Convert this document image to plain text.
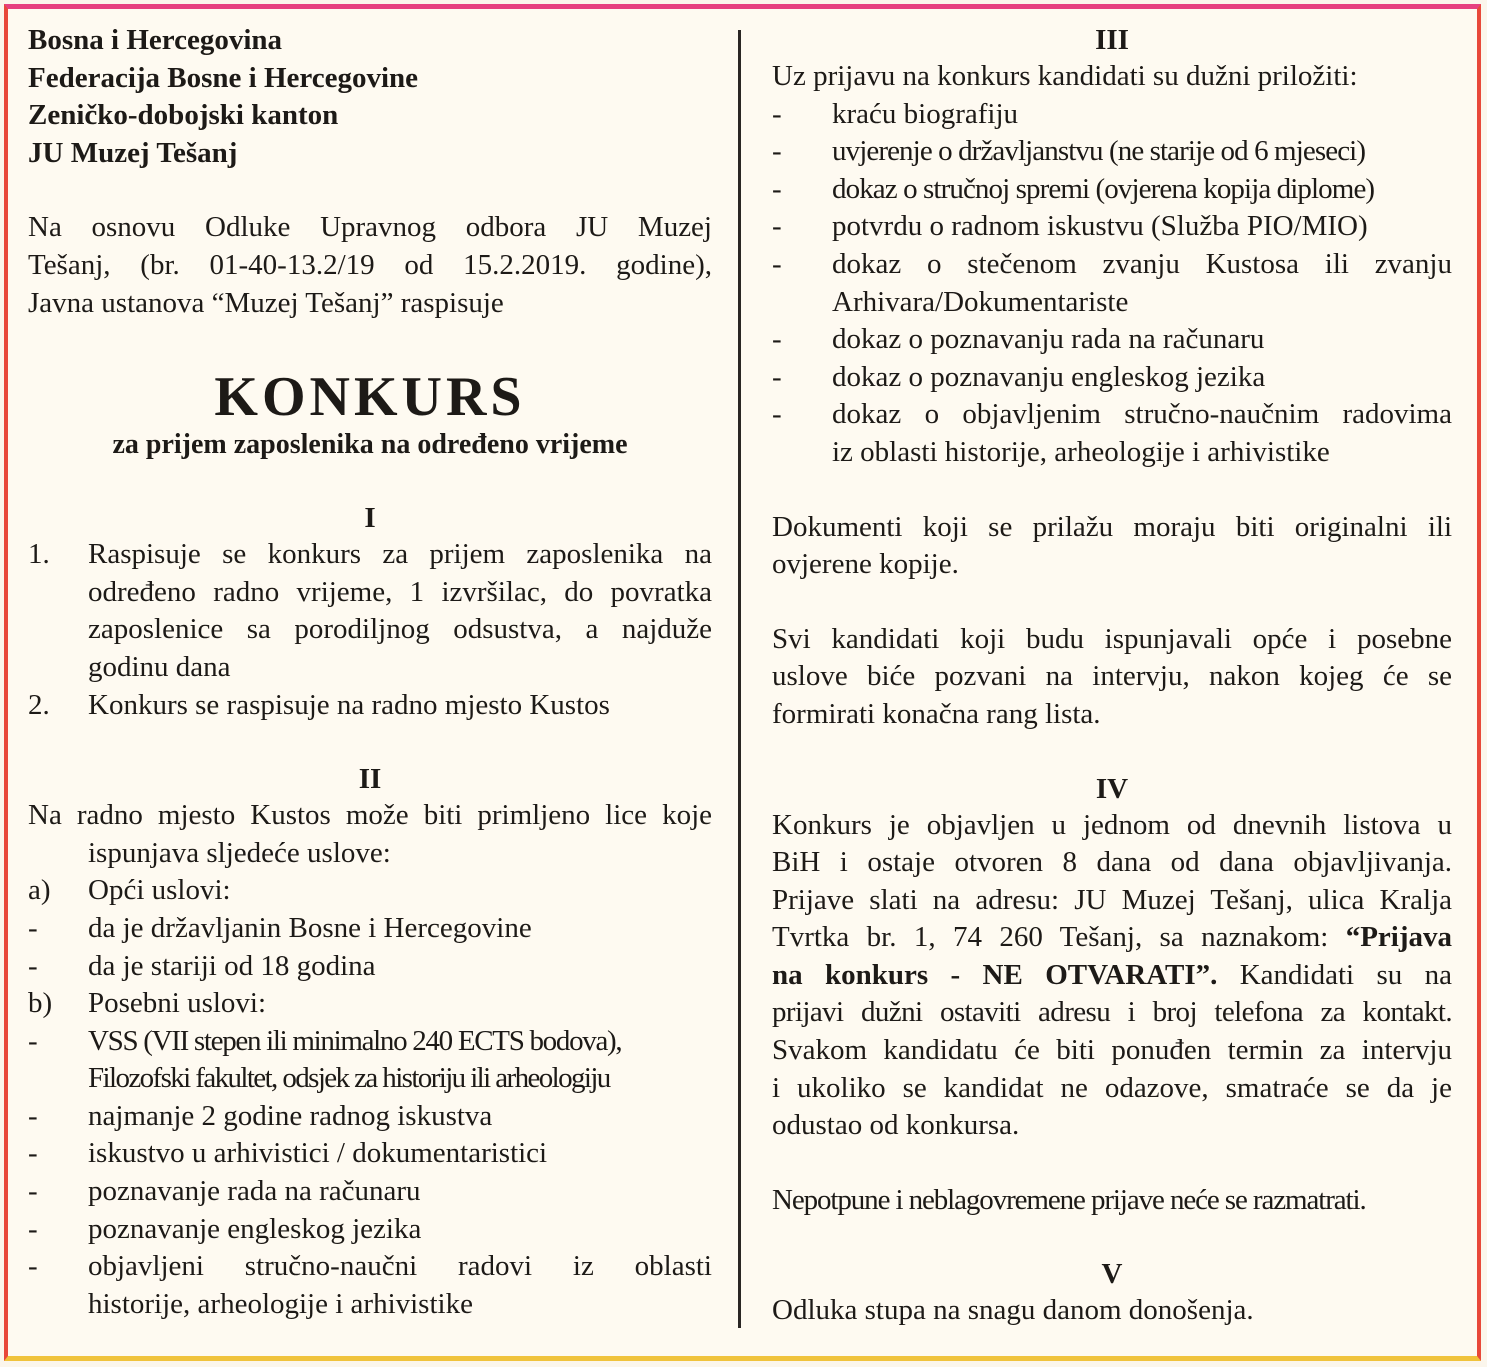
Bosna i Hercegovina

Federacija Bosne i Hercegovine

Zeničko-dobojski kanton

JU Muzej Tešanj

Na osnovu Odluke Upravnog odbora JU Muzej

Tešanj, (br. 01-40-13.2/19 od 15.2.2019. godine),

Javna ustanova “Muzej Tešanj” raspisuje

KONKURS
za prijem zaposlenika na određeno vrijeme
I
1.	Raspisuje se konkurs za prijem zaposlenika na
određeno radno vrijeme, 1 izvršilac, do povratka
zaposlenice sa porodiljnog odsustva, a najduže
godinu dana
2.	Konkurs se raspisuje na radno mjesto Kustos
II
Na radno mjesto Kustos može biti primljeno lice koje
ispunjava sljedeće uslove:
a)	Opći uslovi:
-	da je državljanin Bosne i Hercegovine
-	da je stariji od 18 godina
b)	Posebni uslovi:
-	VSS (VII stepen ili minimalno 240 ECTS bodova),
Filozofski fakultet, odsjek za historiju ili arheologiju
-	najmanje 2 godine radnog iskustva
-	iskustvo u arhivistici / dokumentaristici
-	poznavanje rada na računaru
-	poznavanje engleskog jezika
-	objavljeni stručno-naučni radovi iz oblasti
historije, arheologije i arhivistike
III
Uz prijavu na konkurs kandidati su dužni priložiti:
-	kraću biografiju
-	uvjerenje o državljanstvu (ne starije od 6 mjeseci)
-	dokaz o stručnoj spremi (ovjerena kopija diplome)
-	potvrdu o radnom iskustvu (Služba PIO/MIO)
-	dokaz o stečenom zvanju Kustosa ili zvanju
Arhivara/Dokumentariste
-	dokaz o poznavanju rada na računaru
-	dokaz o poznavanju engleskog jezika
-	dokaz o objavljenim stručno-naučnim radovima
iz oblasti historije, arheologije i arhivistike
Dokumenti koji se prilažu moraju biti originalni ili
ovjerene kopije.
Svi kandidati koji budu ispunjavali opće i posebne
uslove biće pozvani na intervju, nakon kojeg će se
formirati konačna rang lista.
IV
Konkurs je objavljen u jednom od dnevnih listova u
BiH i ostaje otvoren 8 dana od dana objavljivanja.
Prijave slati na adresu: JU Muzej Tešanj, ulica Kralja
Tvrtka br. 1, 74 260 Tešanj, sa naznakom: “Prijava
na konkurs - NE OTVARATI”. Kandidati su na
prijavi dužni ostaviti adresu i broj telefona za kontakt.
Svakom kandidatu će biti ponuđen termin za intervju
i ukoliko se kandidat ne odazove, smatraće se da je
odustao od konkursa.
Nepotpune i neblagovremene prijave neće se razmatrati.
V
Odluka stupa na snagu danom donošenja.
